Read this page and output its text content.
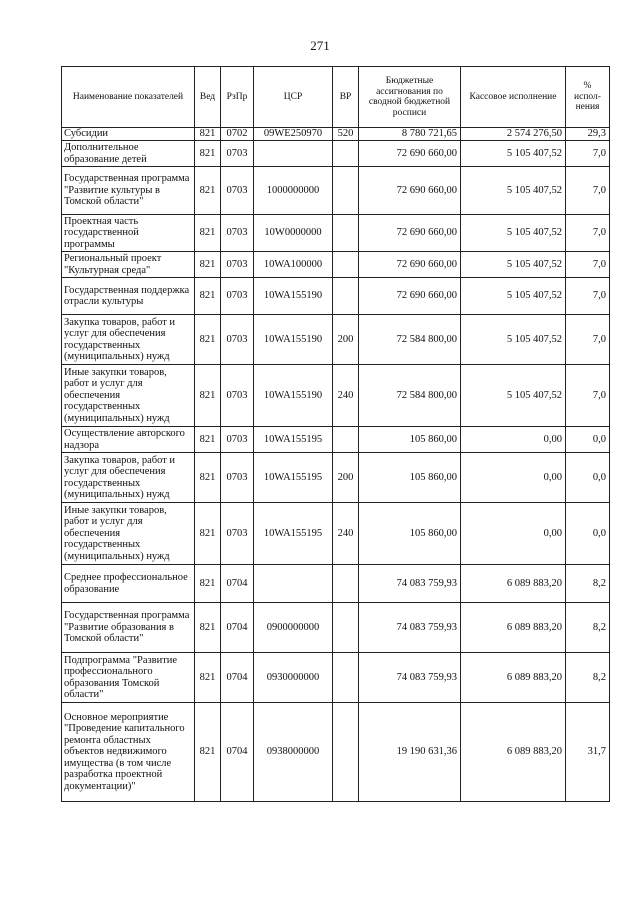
271
Наименование показателей	Вед	РзПр	ЦСР	ВР	Бюджетные ассигнования по сводной бюджетной росписи	Кассовое исполнение	% испол-нения
Субсидии	821	0702	09WE250970	520	8 780 721,65	2 574 276,50	29,3
Дополнительное образование детей	821	0703			72 690 660,00	5 105 407,52	7,0
Государственная программа "Развитие культуры в Томской области"	821	0703	1000000000		72 690 660,00	5 105 407,52	7,0
Проектная часть государственной программы	821	0703	10W0000000		72 690 660,00	5 105 407,52	7,0
Региональный проект "Культурная среда"	821	0703	10WA100000		72 690 660,00	5 105 407,52	7,0
Государственная поддержка отрасли культуры	821	0703	10WA155190		72 690 660,00	5 105 407,52	7,0
Закупка товаров, работ и услуг для обеспечения государственных (муниципальных) нужд	821	0703	10WA155190	200	72 584 800,00	5 105 407,52	7,0
Иные закупки товаров, работ и услуг для обеспечения государственных (муниципальных) нужд	821	0703	10WA155190	240	72 584 800,00	5 105 407,52	7,0
Осуществление авторского надзора	821	0703	10WA155195		105 860,00	0,00	0,0
Закупка товаров, работ и услуг для обеспечения государственных (муниципальных) нужд	821	0703	10WA155195	200	105 860,00	0,00	0,0
Иные закупки товаров, работ и услуг для обеспечения государственных (муниципальных) нужд	821	0703	10WA155195	240	105 860,00	0,00	0,0
Среднее профессиональное образование	821	0704			74 083 759,93	6 089 883,20	8,2
Государственная программа "Развитие образования в Томской области"	821	0704	0900000000		74 083 759,93	6 089 883,20	8,2
Подпрограмма "Развитие профессионального образования Томской области"	821	0704	0930000000		74 083 759,93	6 089 883,20	8,2
Основное мероприятие "Проведение капитального ремонта областных объектов недвижимого имущества (в том числе разработка проектной документации)"	821	0704	0938000000		19 190 631,36	6 089 883,20	31,7
